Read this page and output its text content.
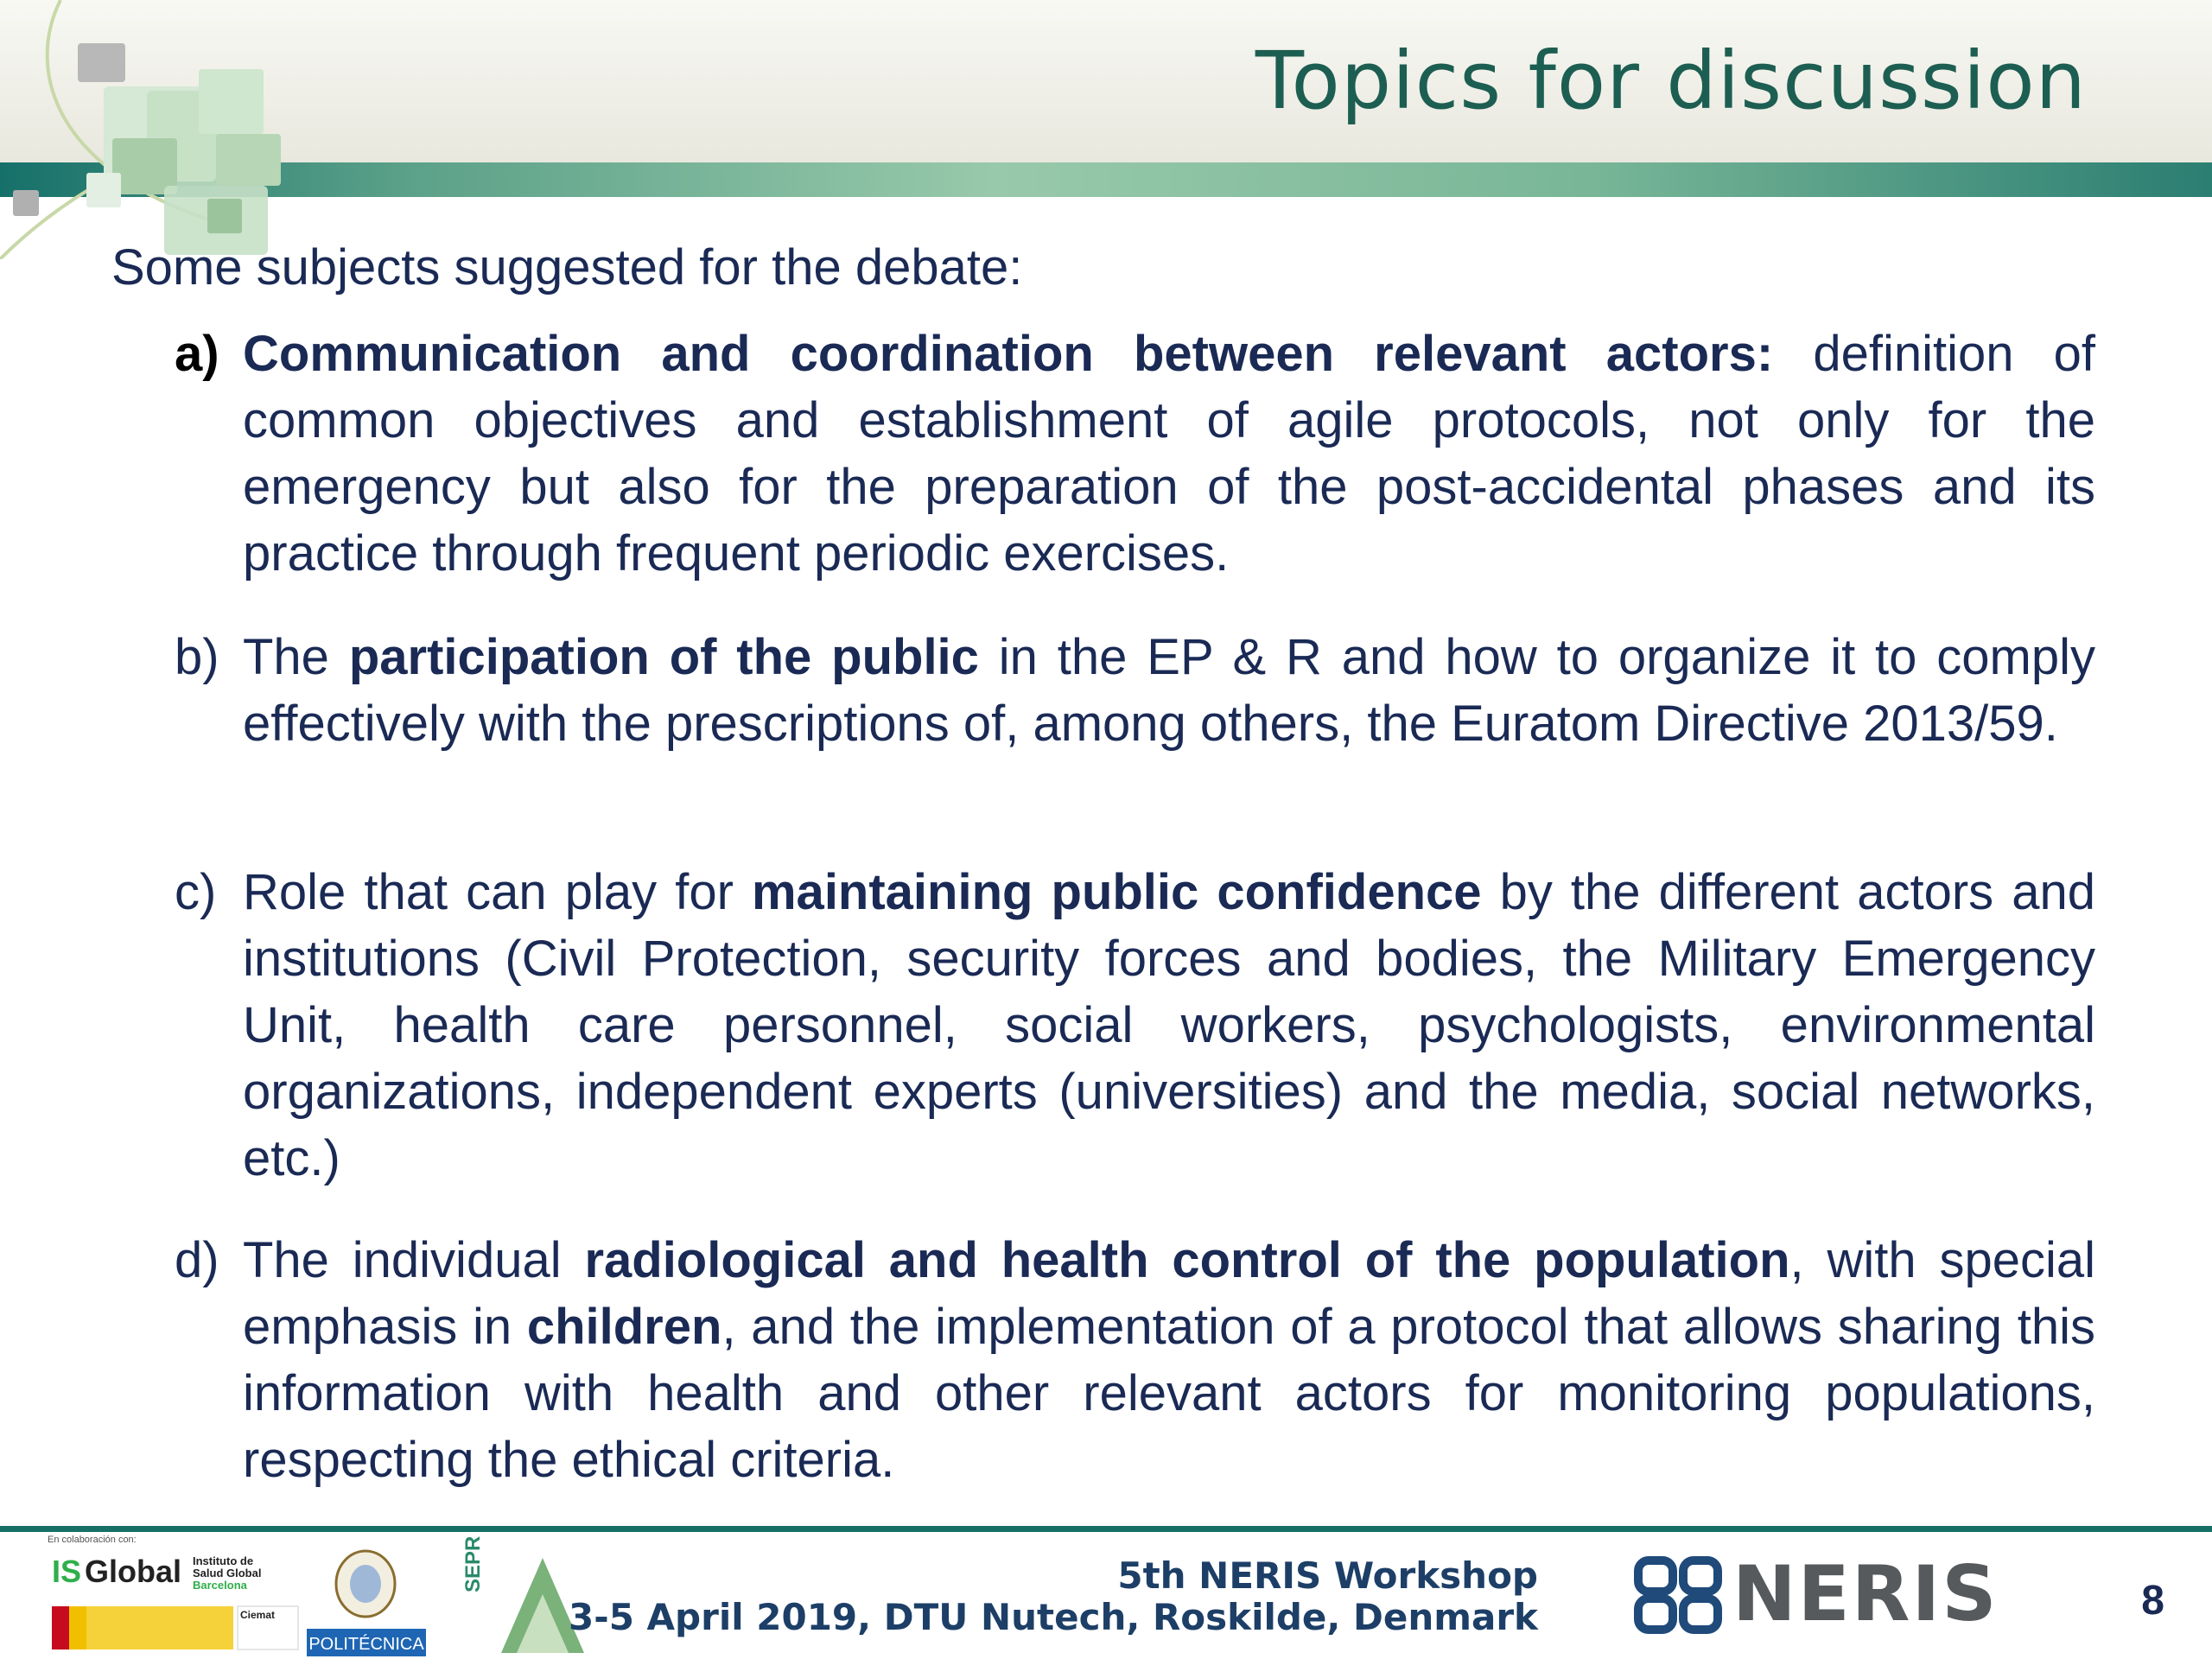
Topics for discussion

Some subjects suggested for the debate:

a) Communication and coordination between relevant actors: definition of common objectives and establishment of agile protocols, not only for the emergency but also for the preparation of the post-accidental phases and its practice through frequent periodic exercises.

b) The participation of the public in the EP & R and how to organize it to comply effectively with the prescriptions of, among others, the Euratom Directive 2013/59.

c) Role that can play for maintaining public confidence by the different actors and institutions (Civil Protection, security forces and bodies, the Military Emergency Unit, health care personnel, social workers, psychologists, environmental organizations, independent experts (universities) and the media, social networks, etc.)

d) The individual radiological and health control of the population, with special emphasis in children, and the implementation of a protocol that allows sharing this information with health and other relevant actors for monitoring populations, respecting the ethical criteria.

En colaboración con:
IS Global Instituto de
Salud Global
Barcelona
Ciemat
POLITÉCNICA
SEPR	5th NERIS Workshop
3-5 April 2019, DTU Nutech, Roskilde, Denmark	NERIS	8
